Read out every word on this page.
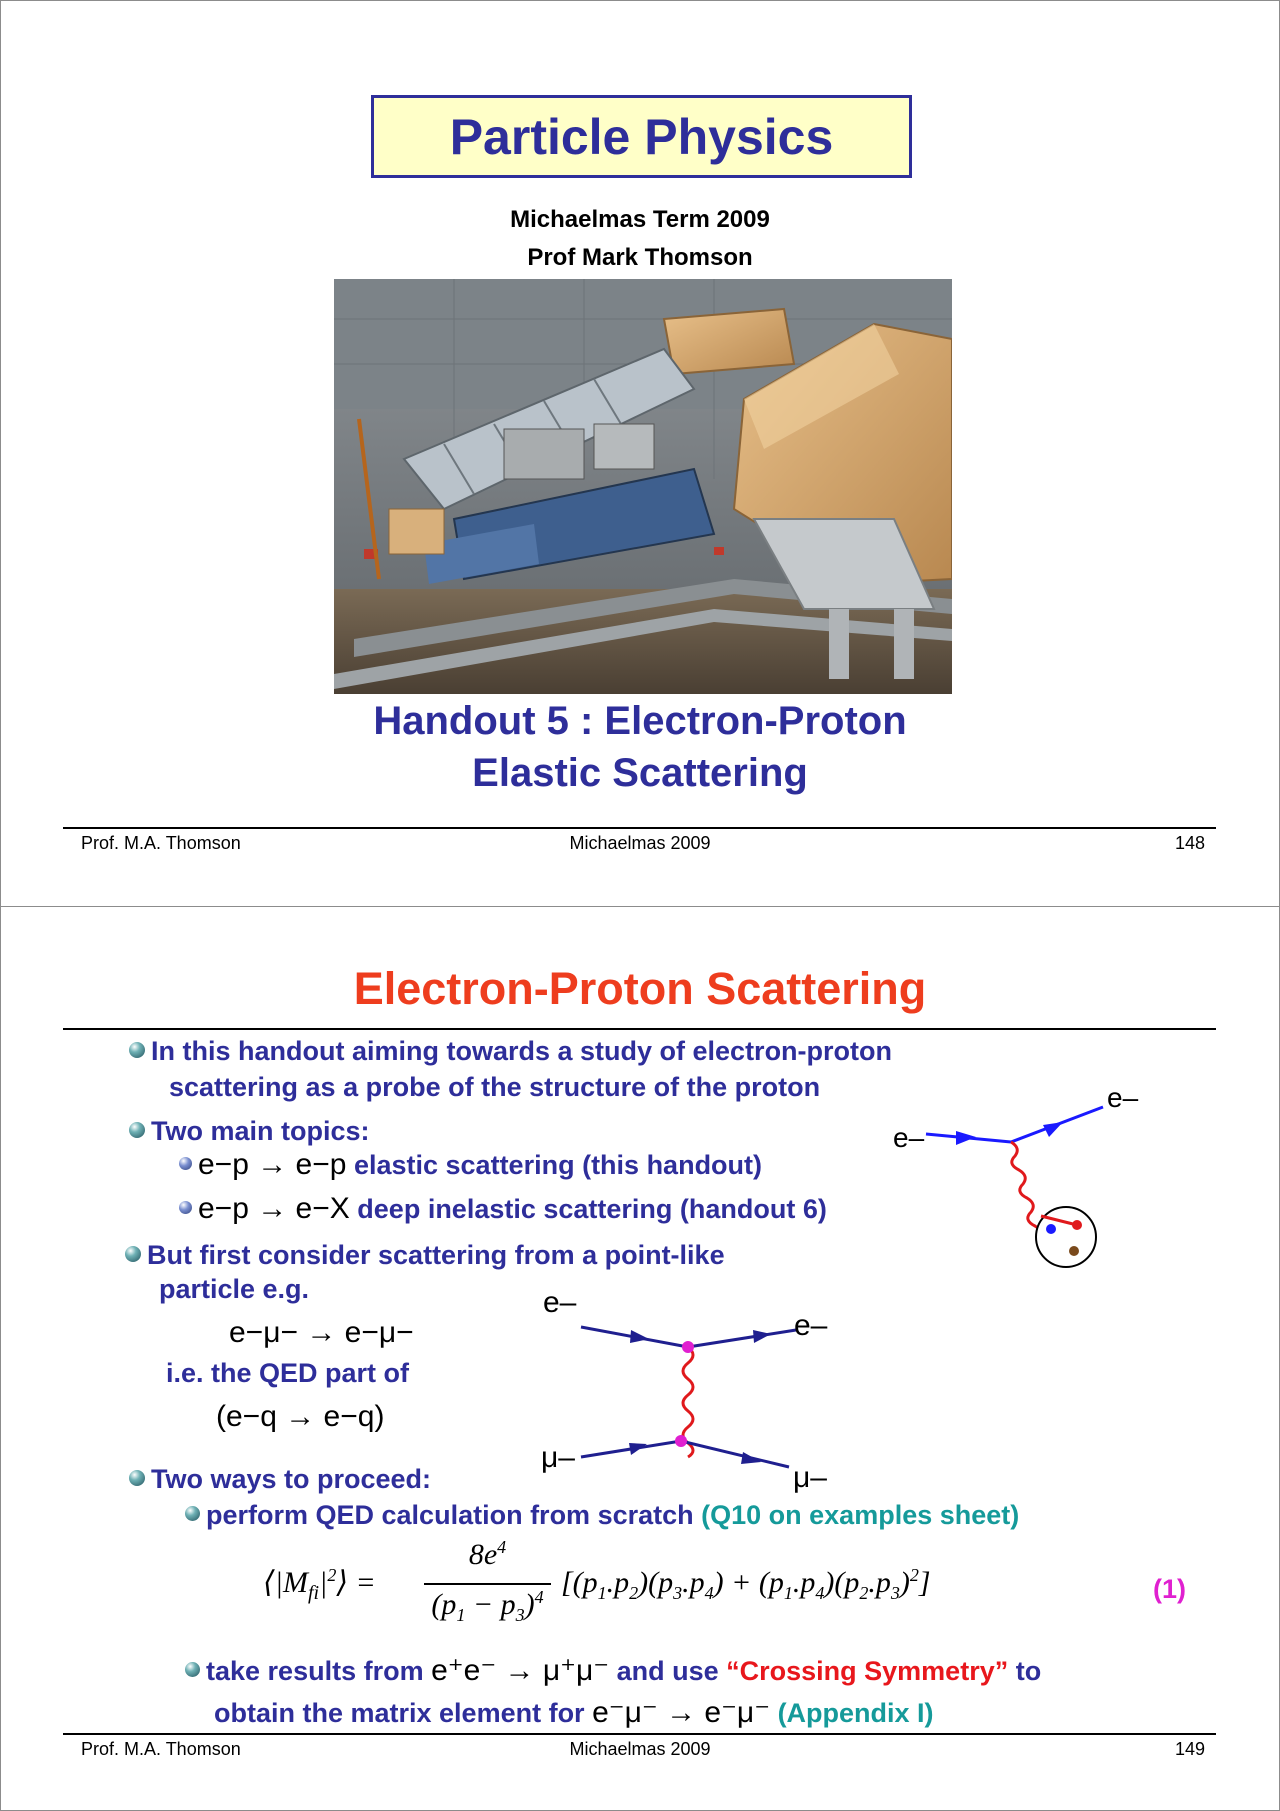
Particle Physics
Michaelmas Term 2009
Prof Mark Thomson
Handout 5 : Electron-Proton
Elastic Scattering
Prof. M.A. Thomson	Michaelmas 2009	148
Electron-Proton Scattering
In this handout aiming towards a study of electron-proton
scattering as a probe of the structure of the proton
Two main topics:
e−p → e−p elastic scattering (this handout)
e−p → e−X deep inelastic scattering (handout 6)
But first consider scattering from a point-like
particle e.g.
e−μ− → e−μ−
i.e. the QED part of
(e−q → e−q)
e–
e–
e–
e–
μ–
μ–
Two ways to proceed:
perform QED calculation from scratch (Q10 on examples sheet)
$⟨|M_{fi}|^2⟩$ =
$8e^4$
$(p_1 - p_3)^4$ $[(p_1.p_2)(p_3.p_4) + (p_1.p_4)(p_2.p_3)^2]$	(1)
take results from e⁺e⁻ → μ⁺μ⁻ and use “Crossing Symmetry” to
obtain the matrix element for e⁻μ⁻ → e⁻μ⁻ (Appendix I)
Prof. M.A. Thomson	Michaelmas 2009	149
